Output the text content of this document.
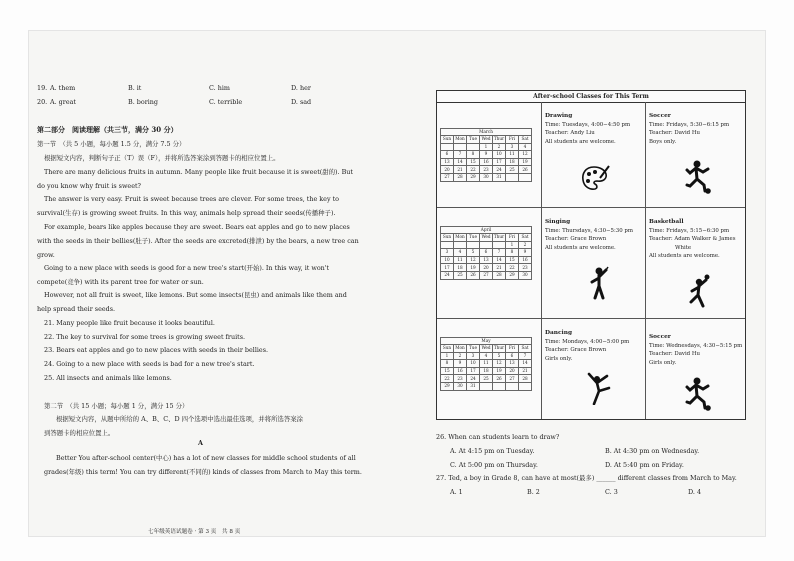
19. A. them	B. it	C. him	D. her
20. A. great	B. boring	C. terrible	D. sad
第二部分　阅读理解（共三节，满分 30 分）
第一节　（共 5 小题，每小题 1.5 分，满分 7.5 分）
根据短文内容，判断句子正（T）误（F），并将所选答案涂到答题卡的相应位置上。
There are many delicious fruits in autumn. Many people like fruit because it is sweet(甜的). But
do you know why fruit is sweet?
The answer is very easy. Fruit is sweet because trees are clever. For some trees, the key to
survival(生存) is growing sweet fruits. In this way, animals help spread their seeds(传播种子).
For example, bears like apples because they are sweet. Bears eat apples and go to new places
with the seeds in their bellies(肚子). After the seeds are excreted(排泄) by the bears, a new tree can
grow.
Going to a new place with seeds is good for a new tree's start(开始). In this way, it won't
compete(竞争) with its parent tree for water or sun.
However, not all fruit is sweet, like lemons. But some insects(昆虫) and animals like them and
help spread their seeds.
21. Many people like fruit because it looks beautiful.
22. The key to survival for some trees is growing sweet fruits.
23. Bears eat apples and go to new places with seeds in their bellies.
24. Going to a new place with seeds is bad for a new tree's start.
25. All insects and animals like lemons.
第二节　（共 15 小题；每小题 1 分，满分 15 分）
根据短文内容，从题中所给的 A、B、C、D 四个选项中选出最佳选项，并将所选答案涂
到答题卡的相应位置上。
A
Better You after-school center(中心) has a lot of new classes for middle school students of all
grades(年级) this term! You can try different(不同的) kinds of classes from March to May this term.
七年级英语试题卷 · 第 3 页　共 8 页
After-school Classes for This Term
March
Sun	Mon	Tue	Wed	Thur	Fri	Sat
			1	2	3	4
6	7	8	9	10	11	12
13	14	15	16	17	18	19
20	21	22	23	24	25	26
27	28	29	30	31		
Drawing
Time: Tuesdays, 4:00−4:50 pm
Teacher: Andy Liu
All students are welcome.
Soccer
Time: Fridays, 5:30−6:15 pm
Teacher: David Hu
Boys only.
April
Sun	Mon	Tue	Wed	Thur	Fri	Sat
					1	2
3	4	5	6	7	8	9
10	11	12	13	14	15	16
17	18	19	20	21	22	23
24	25	26	27	28	29	30
Singing
Time: Thursdays, 4:30−5:30 pm
Teacher: Grace Brown
All students are welcome.
Basketball
Time: Fridays, 5:15−6:30 pm
Teacher: Adam Walker & James
White
All students are welcome.
May
Sun	Mon	Tue	Wed	Thur	Fri	Sat
1	2	3	4	5	6	7
8	9	10	11	12	13	14
15	16	17	18	19	20	21
22	23	24	25	26	27	28
29	30	31				
Dancing
Time: Mondays, 4:00−5:00 pm
Teacher: Grace Brown
Girls only.
Soccer
Time: Wednesdays, 4:30−5:15 pm
Teacher: David Hu
Girls only.
26. When can students learn to draw?
A. At 4:15 pm on Tuesday.	B. At 4:30 pm on Wednesday.
C. At 5:00 pm on Thursday.	D. At 5:40 pm on Friday.
27. Ted, a boy in Grade 8, can have at most(最多) ______ different classes from March to May.
A. 1	B. 2	C. 3	D. 4
